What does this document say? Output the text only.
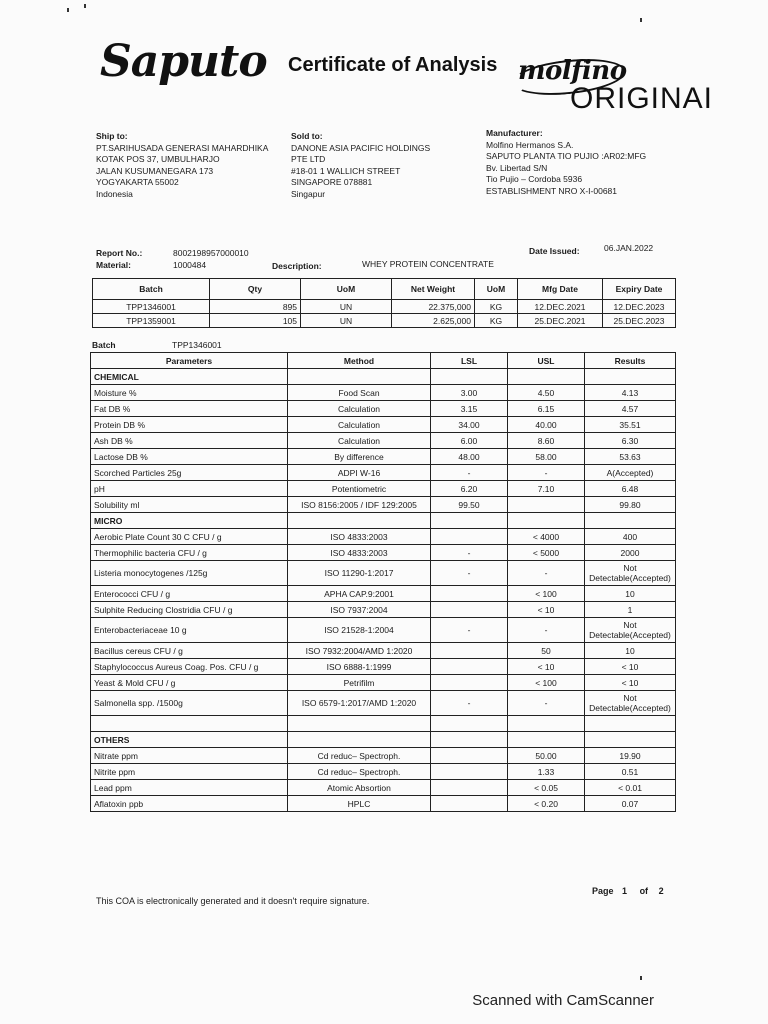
Saputo Certificate of Analysis molfino
ORIGINAI
Ship to:
PT.SARIHUSADA GENERASI MAHARDHIKA
KOTAK POS 37, UMBULHARJO
JALAN KUSUMANEGARA 173
YOGYAKARTA 55002
Indonesia
Sold to:
DANONE ASIA PACIFIC HOLDINGS
PTE LTD
#18-01 1 WALLICH STREET
SINGAPORE 078881
Singapur
Manufacturer:
Molfino Hermanos S.A.
SAPUTO PLANTA TIO PUJIO :AR02:MFG
Bv. Libertad S/N
Tio Pujio – Cordoba 5936
ESTABLISHMENT NRO X-I-00681
Report No.:	8002198957000010
Material:	1000484	Description:	WHEY PROTEIN CONCENTRATE
Date Issued:	06.JAN.2022
Batch	Qty	UoM	Net Weight	UoM	Mfg Date	Expiry Date
TPP1346001	895	UN	22.375,000	KG	12.DEC.2021	12.DEC.2023
TPP1359001	105	UN	2.625,000	KG	25.DEC.2021	25.DEC.2023
Batch	TPP1346001
Parameters	Method	LSL	USL	Results
CHEMICAL				
Moisture %	Food Scan	3.00	4.50	4.13
Fat DB %	Calculation	3.15	6.15	4.57
Protein DB %	Calculation	34.00	40.00	35.51
Ash DB %	Calculation	6.00	8.60	6.30
Lactose DB %	By difference	48.00	58.00	53.63
Scorched Particles 25g	ADPI W-16	-	-	A(Accepted)
pH	Potentiometric	6.20	7.10	6.48
Solubility ml	ISO 8156:2005 / IDF 129:2005	99.50		99.80
MICRO				
Aerobic Plate Count 30 C CFU / g	ISO 4833:2003		< 4000	400
Thermophilic bacteria CFU / g	ISO 4833:2003	-	< 5000	2000
Listeria monocytogenes /125g	ISO 11290-1:2017	-	-	Not Detectable(Accepted)
Enterococci CFU / g	APHA CAP.9:2001		< 100	10
Sulphite Reducing Clostridia CFU / g	ISO 7937:2004		< 10	1
Enterobacteriaceae 10 g	ISO 21528-1:2004	-	-	Not Detectable(Accepted)
Bacillus cereus CFU / g	ISO 7932:2004/AMD 1:2020		50	10
Staphylococcus Aureus Coag. Pos. CFU / g	ISO 6888-1:1999		< 10	< 10
Yeast & Mold CFU / g	Petrifilm		< 100	< 10
Salmonella spp. /1500g	ISO 6579-1:2017/AMD 1:2020	-	-	Not Detectable(Accepted)

OTHERS				
Nitrate ppm	Cd reduc– Spectroph.		50.00	19.90
Nitrite ppm	Cd reduc– Spectroph.		1.33	0.51
Lead ppm	Atomic Absortion		< 0.05	< 0.01
Aflatoxin ppb	HPLC		< 0.20	0.07
This COA is electronically generated and it doesn't require signature.
Page 1 of 2
Scanned with CamScanner
